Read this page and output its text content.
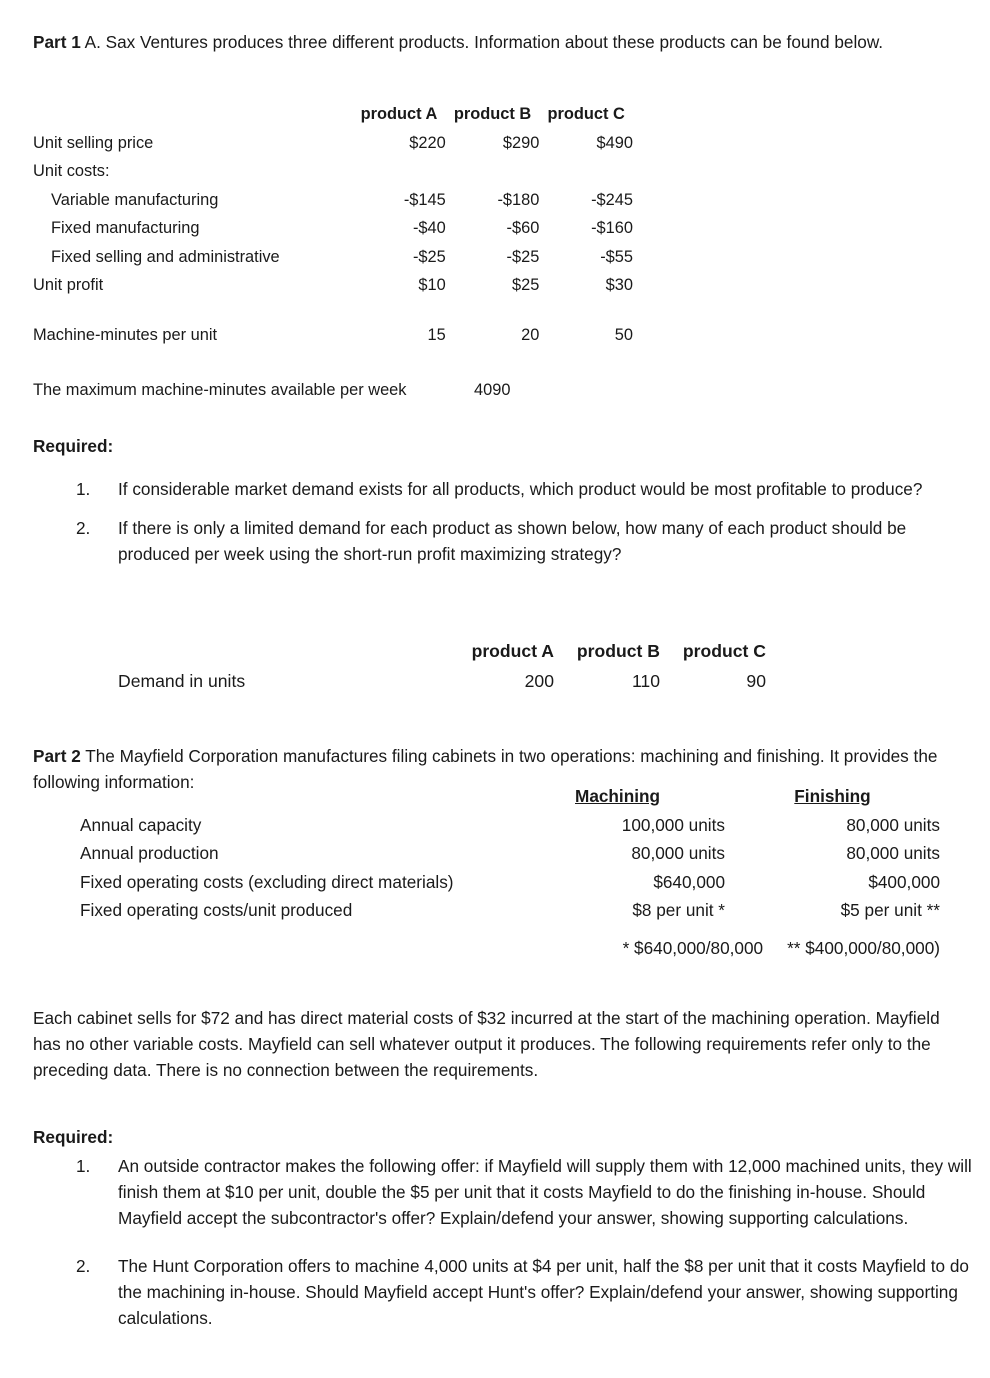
Part 1 A. Sax Ventures produces three different products. Information about these products can be found below.

	product A	product B	product C
Unit selling price	$220	$290	$490
Unit costs:			
Variable manufacturing	-$145	-$180	-$245
Fixed manufacturing	-$40	-$60	-$160
Fixed selling and administrative	-$25	-$25	-$55
Unit profit	$10	$25	$30

Machine-minutes per unit	15	20	50
The maximum machine-minutes available per week	4090
Required:
1.	If considerable market demand exists for all products, which product would be most profitable to produce?
2.	If there is only a limited demand for each product as shown below, how many of each product should be produced per week using the short-run profit maximizing strategy?
	product A	product B	product C
Demand in units	200	110	90

Part 2 The Mayfield Corporation manufactures filing cabinets in two operations: machining and finishing. It provides the following information:

	Machining	Finishing
Annual capacity	100,000 units	80,000 units
Annual production	80,000 units	80,000 units
Fixed operating costs (excluding direct materials)	$640,000	$400,000
Fixed operating costs/unit produced	$8 per unit *	$5 per unit **
* $640,000/80,000 ** $400,000/80,000)

Each cabinet sells for $72 and has direct material costs of $32 incurred at the start of the machining operation. Mayfield has no other variable costs. Mayfield can sell whatever output it produces. The following requirements refer only to the preceding data. There is no connection between the requirements.

Required:
1.	An outside contractor makes the following offer: if Mayfield will supply them with 12,000 machined units, they will finish them at $10 per unit, double the $5 per unit that it costs Mayfield to do the finishing in-house. Should Mayfield accept the subcontractor's offer? Explain/defend your answer, showing supporting calculations.
2.	The Hunt Corporation offers to machine 4,000 units at $4 per unit, half the $8 per unit that it costs Mayfield to do the machining in-house. Should Mayfield accept Hunt's offer? Explain/defend your answer, showing supporting calculations.
